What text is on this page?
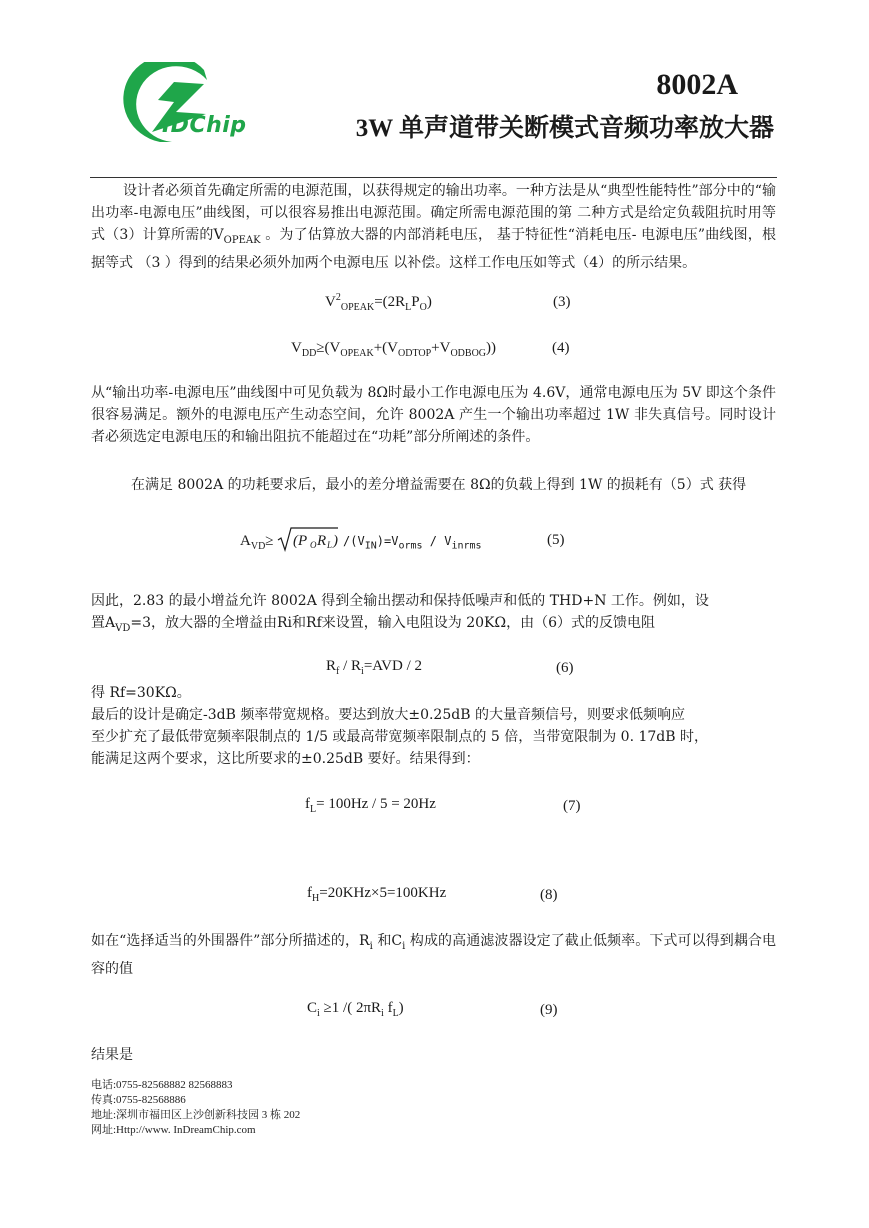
IDChip
8002A
3W 单声道带关断模式音频功率放大器

设计者必须首先确定所需的电源范围，以获得规定的输出功率。一种方法是从“典型性能特性”部分中的“输出功率-电源电压”曲线图，可以很容易推出电源范围。确定所需电源范围的第 二种方式是给定负载阻抗时用等式（3）计算所需的$V_{OPEAK}$ 。为了估算放大器的内部消耗电压， 基于特征性“消耗电压- 电源电压”曲线图，根据等式 （3 ）得到的结果必须外加两个电源电压 以补偿。这样工作电压如等式（4）的所示结果。

$V^2_{OPEAK}=(2R_LP_O)$	(3)
$V_{DD}\ge(V_{OPEAK}+(V_{ODTOP}+V_{ODBOG}))$	(4)

从“输出功率-电源电压”曲线图中可见负载为 8Ω时最小工作电源电压为 4.6V，通常电源电压为 5V 即这个条件很容易满足。额外的电源电压产生动态空间，允许 8002A 产生一个输出功率超过 1W 非失真信号。同时设计者必须选定电源电压的和输出阻抗不能超过在“功耗”部分所阐述的条件。

在满足 8002A 的功耗要求后，最小的差分增益需要在 8Ω的负载上得到 1W 的损耗有（5）式 获得

$A_{VD}\ge (P$ O R L ) $/(V_{IN})=V_{orms} / V_{inrms}$	(5)

因此，2.83 的最小增益允许 8002A 得到全输出摆动和保持低噪声和低的 THD+N 工作。例如，设

置$A_{VD}=3$，放大器的全增益由Ri和Rf来设置，输入电阻设为 20KΩ，由（6）式的反馈电阻

$R_f / R_i=AVD / 2$	(6)

得 Rf=30KΩ。

最后的设计是确定-3dB 频率带宽规格。要达到放大±0.25dB 的大量音频信号，则要求低频响应

至少扩充了最低带宽频率限制点的 1/5 或最高带宽频率限制点的 5 倍，当带宽限制为 0. 17dB 时，

能满足这两个要求，这比所要求的±0.25dB 要好。结果得到：

$f_L= 100Hz / 5 = 20Hz$	(7)
$f_H=20KHz\times 5=100KHz$	(8)

如在“选择适当的外围器件”部分所描述的，$R_i$ 和$C_i$ 构成的高通滤波器设定了截止低频率。下式可以得到耦合电容的值

$C_i \ge 1$ /( $2\pi R_i$ $f_L$)	(9)

结果是

电话:0755-82568882 82568883
传真:0755-82568886
地址:深圳市福田区上沙创新科技园 3 栋 202
网址:Http://www. InDreamChip.com
